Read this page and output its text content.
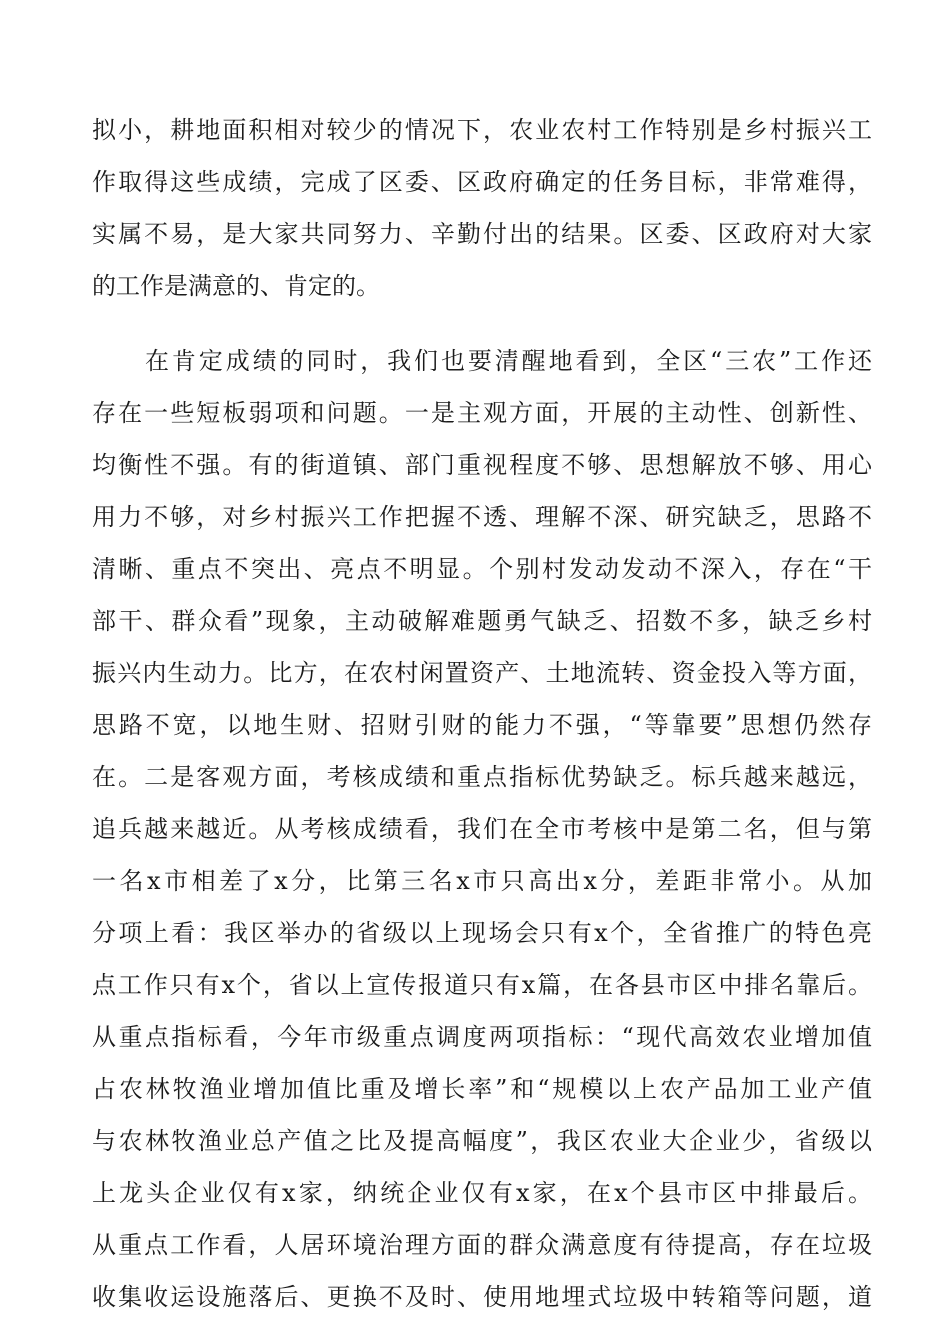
拟小，耕地面积相对较少的情况下，农业农村工作特别是乡村振兴工
作取得这些成绩，完成了区委、区政府确定的任务目标，非常难得，
实属不易，是大家共同努力、辛勤付出的结果。区委、区政府对大家
的工作是满意的、肯定的。
在肯定成绩的同时，我们也要清醒地看到，全区“三农”工作还
存在一些短板弱项和问题。一是主观方面，开展的主动性、创新性、
均衡性不强。有的街道镇、部门重视程度不够、思想解放不够、用心
用力不够，对乡村振兴工作把握不透、理解不深、研究缺乏，思路不
清晰、重点不突出、亮点不明显。个别村发动发动不深入，存在“干
部干、群众看”现象，主动破解难题勇气缺乏、招数不多，缺乏乡村
振兴内生动力。比方，在农村闲置资产、土地流转、资金投入等方面，
思路不宽，以地生财、招财引财的能力不强，“等靠要”思想仍然存
在。二是客观方面，考核成绩和重点指标优势缺乏。标兵越来越远，
追兵越来越近。从考核成绩看，我们在全市考核中是第二名，但与第
一名x市相差了x分，比第三名x市只高出x分，差距非常小。从加
分项上看：我区举办的省级以上现场会只有x个，全省推广的特色亮
点工作只有x个，省以上宣传报道只有x篇，在各县市区中排名靠后。
从重点指标看，今年市级重点调度两项指标：“现代高效农业增加值
占农林牧渔业增加值比重及增长率”和“规模以上农产品加工业产值
与农林牧渔业总产值之比及提高幅度”，我区农业大企业少，省级以
上龙头企业仅有x家，纳统企业仅有x家，在x个县市区中排最后。
从重点工作看，人居环境治理方面的群众满意度有待提高，存在垃圾
收集收运设施落后、更换不及时、使用地埋式垃圾中转箱等问题，道
